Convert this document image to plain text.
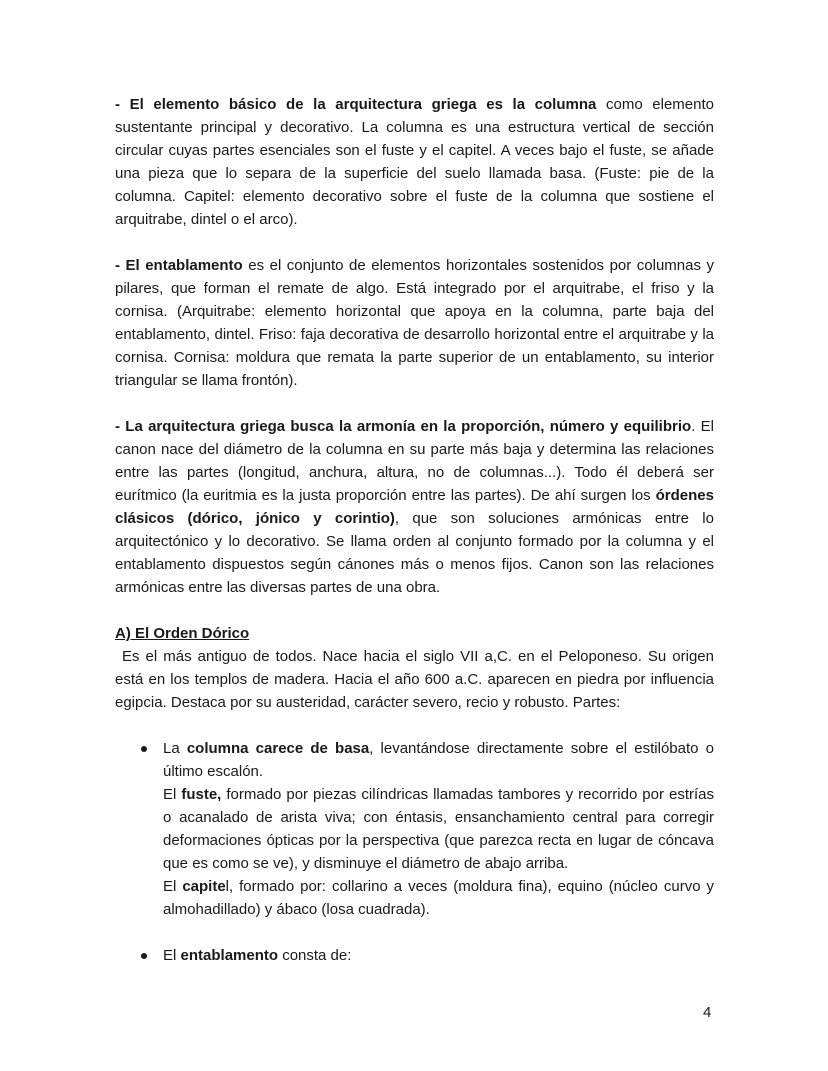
- El elemento básico de la arquitectura griega es la columna como elemento sustentante principal y decorativo. La columna es una estructura vertical de sección circular cuyas partes esenciales son el fuste y el capitel. A veces bajo el fuste, se añade una pieza que lo separa de la superficie del suelo llamada basa. (Fuste: pie de la columna. Capitel: elemento decorativo sobre el fuste de la columna que sostiene el arquitrabe, dintel o el arco).

- El entablamento es el conjunto de elementos horizontales sostenidos por columnas y pilares, que forman el remate de algo. Está integrado por el arquitrabe, el friso y la cornisa. (Arquitrabe: elemento horizontal que apoya en la columna, parte baja del entablamento, dintel. Friso: faja decorativa de desarrollo horizontal entre el arquitrabe y la cornisa. Cornisa: moldura que remata la parte superior de un entablamento, su interior triangular se llama frontón).

- La arquitectura griega busca la armonía en la proporción, número y equilibrio. El canon nace del diámetro de la columna en su parte más baja y determina las relaciones entre las partes (longitud, anchura, altura, no de columnas...). Todo él deberá ser eurítmico (la euritmia es la justa proporción entre las partes). De ahí surgen los órdenes clásicos (dórico, jónico y corintio), que son soluciones armónicas entre lo arquitectónico y lo decorativo. Se llama orden al conjunto formado por la columna y el entablamento dispuestos según cánones más o menos fijos. Canon son las relaciones armónicas entre las diversas partes de una obra.

A) El Orden Dórico

Es el más antiguo de todos. Nace hacia el siglo VII a,C. en el Peloponeso. Su origen está en los templos de madera. Hacia el año 600 a.C. aparecen en piedra por influencia egipcia. Destaca por su austeridad, carácter severo, recio y robusto. Partes:

La columna carece de basa, levantándose directamente sobre el estilóbato o último escalón.

El fuste, formado por piezas cilíndricas llamadas tambores y recorrido por estrías o acanalado de arista viva; con éntasis, ensanchamiento central para corregir deformaciones ópticas por la perspectiva (que parezca recta en lugar de cóncava que es como se ve), y disminuye el diámetro de abajo arriba.

El capitel, formado por: collarino a veces (moldura fina), equino (núcleo curvo y almohadillado) y ábaco (losa cuadrada).

El entablamento consta de:

4
